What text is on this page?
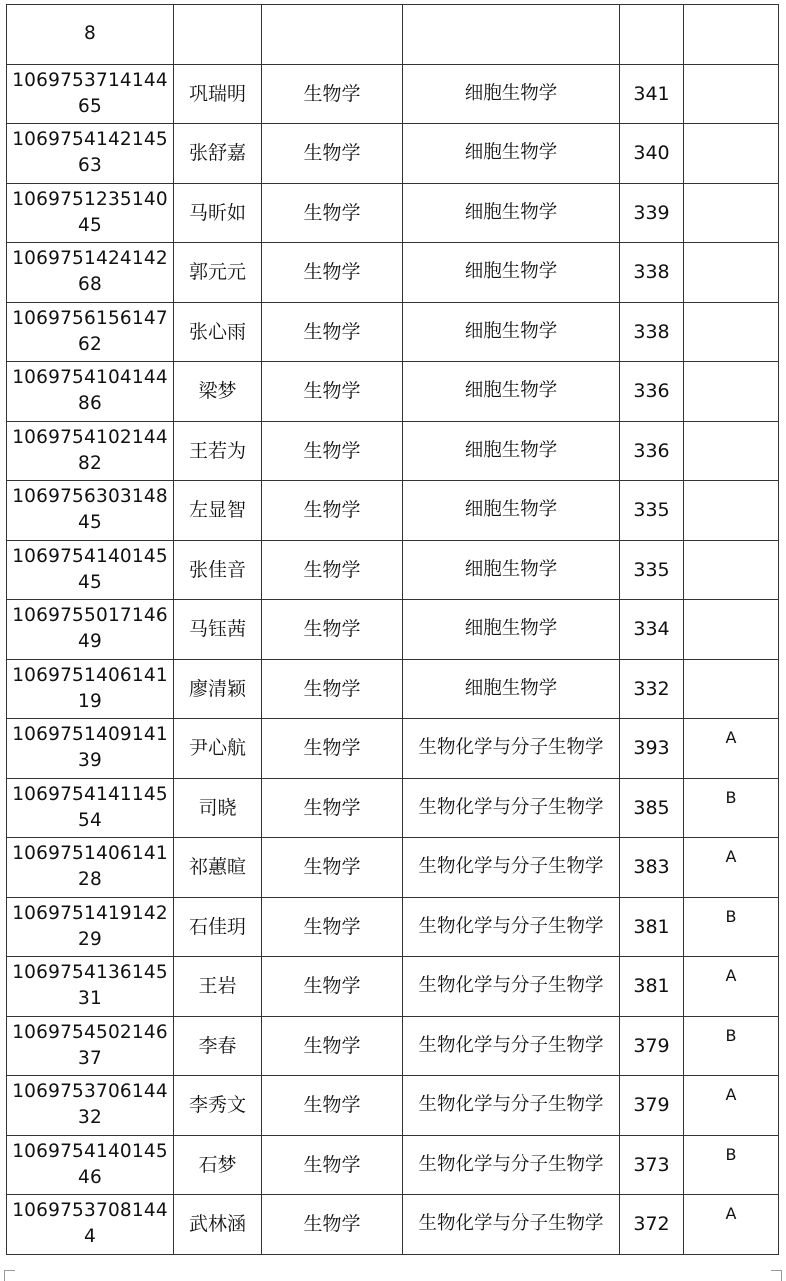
8					
106975371414465	巩瑞明	生物学	细胞生物学	341	
106975414214563	张舒嘉	生物学	细胞生物学	340	
106975123514045	马昕如	生物学	细胞生物学	339	
106975142414268	郭元元	生物学	细胞生物学	338	
106975615614762	张心雨	生物学	细胞生物学	338	
106975410414486	梁梦	生物学	细胞生物学	336	
106975410214482	王若为	生物学	细胞生物学	336	
106975630314845	左显智	生物学	细胞生物学	335	
106975414014545	张佳音	生物学	细胞生物学	335	
106975501714649	马钰茜	生物学	细胞生物学	334	
106975140614119	廖清颖	生物学	细胞生物学	332	
106975140914139	尹心航	生物学	生物化学与分子生物学	393	A
106975414114554	司晓	生物学	生物化学与分子生物学	385	B
106975140614128	祁蕙暄	生物学	生物化学与分子生物学	383	A
106975141914229	石佳玥	生物学	生物化学与分子生物学	381	B
106975413614531	王岩	生物学	生物化学与分子生物学	381	A
106975450214637	李春	生物学	生物化学与分子生物学	379	B
106975370614432	李秀文	生物学	生物化学与分子生物学	379	A
106975414014546	石梦	生物学	生物化学与分子生物学	373	B
10697537081444	武林涵	生物学	生物化学与分子生物学	372	A
